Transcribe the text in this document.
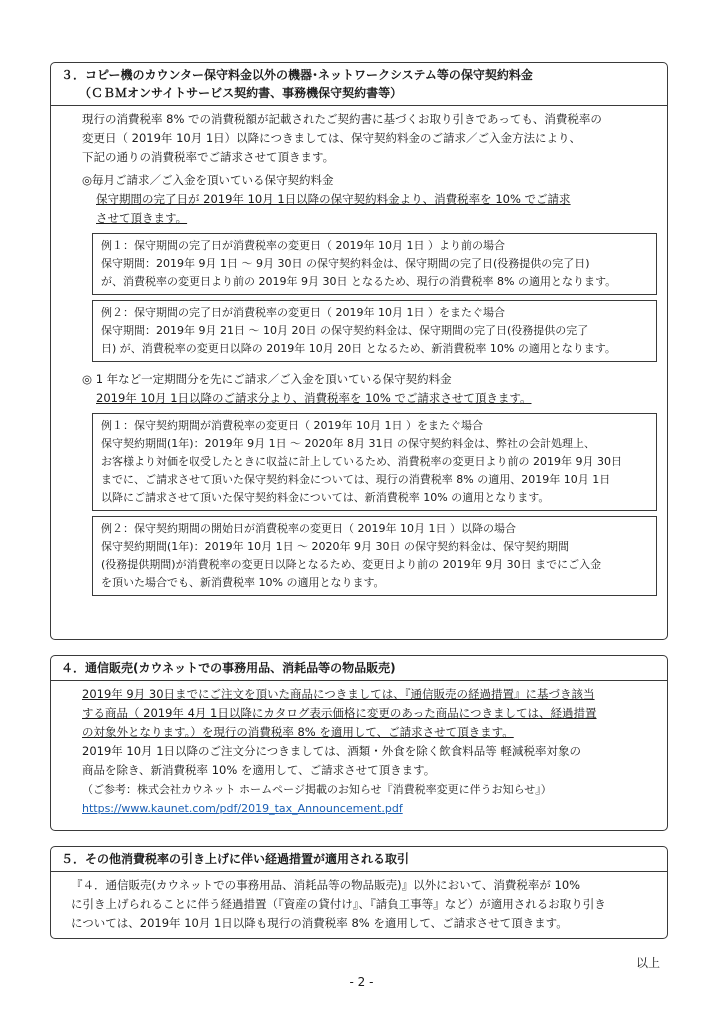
３．コピー機のカウンター保守料金以外の機器･ネットワークシステム等の保守契約料金
（ＣＢＭオンサイトサービス契約書、事務機保守契約書等）

現行の消費税率 8% での消費税額が記載されたご契約書に基づくお取り引きであっても、消費税率の

変更日（ 2019年 10月 1日）以降につきましては、保守契約料金のご請求／ご入金方法により、

下記の通りの消費税率でご請求させて頂きます。

◎毎月ご請求／ご入金を頂いている保守契約料金

保守期間の完了日が 2019年 10月 1日以降の保守契約料金より、消費税率を 10% でご請求

させて頂きます。

例１：保守期間の完了日が消費税率の変更日（ 2019年 10月 1日 ）より前の場合
保守期間：2019年 9月 1日 ～ 9月 30日 の保守契約料金は、保守期間の完了日(役務提供の完了日)
が、消費税率の変更日より前の 2019年 9月 30日 となるため、現行の消費税率 8% の適用となります。
例２：保守期間の完了日が消費税率の変更日（ 2019年 10月 1日 ）をまたぐ場合
保守期間：2019年 9月 21日 ～ 10月 20日 の保守契約料金は、保守期間の完了日(役務提供の完了
日) が、消費税率の変更日以降の 2019年 10月 20日 となるため、新消費税率 10% の適用となります。

◎ 1 年など一定期間分を先にご請求／ご入金を頂いている保守契約料金

2019年 10月 1日以降のご請求分より、消費税率を 10% でご請求させて頂きます。

例１：保守契約期間が消費税率の変更日（ 2019年 10月 1日 ）をまたぐ場合
保守契約期間(1年)：2019年 9月 1日 ～ 2020年 8月 31日 の保守契約料金は、弊社の会計処理上、
お客様より対価を収受したときに収益に計上しているため、消費税率の変更日より前の 2019年 9月 30日
までに、ご請求させて頂いた保守契約料金については、現行の消費税率 8% の適用、2019年 10月 1日
以降にご請求させて頂いた保守契約料金については、新消費税率 10% の適用となります。
例２：保守契約期間の開始日が消費税率の変更日（ 2019年 10月 1日 ）以降の場合
保守契約期間(1年)：2019年 10月 1日 ～ 2020年 9月 30日 の保守契約料金は、保守契約期間
(役務提供期間)が消費税率の変更日以降となるため、変更日より前の 2019年 9月 30日 までにご入金
を頂いた場合でも、新消費税率 10% の適用となります。
４．通信販売(カウネットでの事務用品、消耗品等の物品販売)

2019年 9月 30日までにご注文を頂いた商品につきましては、『通信販売の経過措置』に基づき該当

する商品（ 2019年 4月 1日以降にカタログ表示価格に変更のあった商品につきましては、経過措置

の対象外となります。）を現行の消費税率 8% を適用して、ご請求させて頂きます。

2019年 10月 1日以降のご注文分につきましては、酒類・外食を除く飲食料品等 軽減税率対象の

商品を除き、新消費税率 10% を適用して、ご請求させて頂きます。

（ご参考：株式会社カウネット ホームページ掲載のお知らせ『消費税率変更に伴うお知らせ』）

https://www.kaunet.com/pdf/2019_tax_Announcement.pdf
５．その他消費税率の引き上げに伴い経過措置が適用される取引

『４．通信販売(カウネットでの事務用品、消耗品等の物品販売)』以外において、消費税率が 10%

に引き上げられることに伴う経過措置（『資産の貸付け』、『請負工事等』など）が適用されるお取り引き

については、2019年 10月 1日以降も現行の消費税率 8% を適用して、ご請求させて頂きます。

以上
- 2 -
